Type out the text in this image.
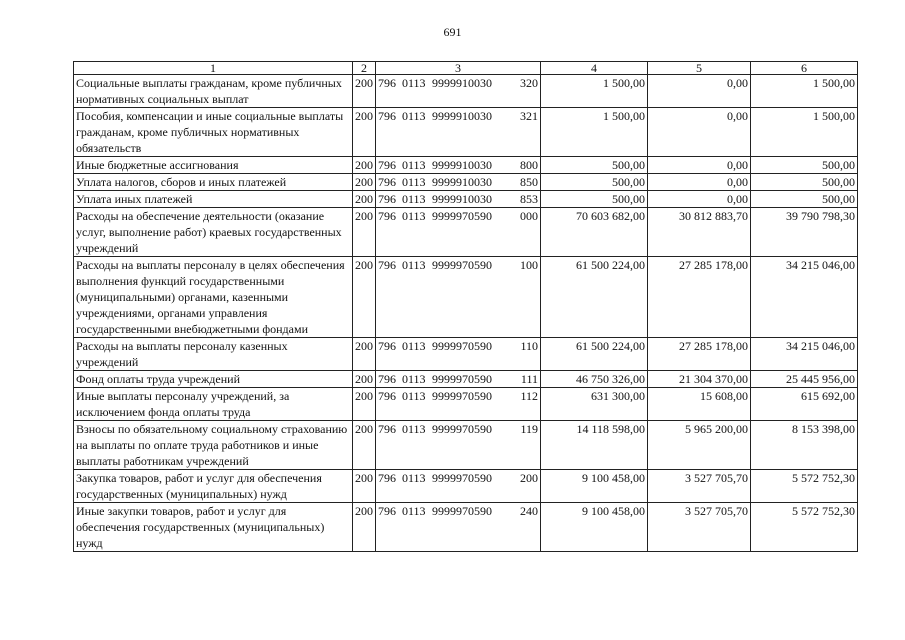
691
1	2	3	4	5	6
Социальные выплаты гражданам, кроме публичных нормативных социальных выплат	200	796 0113 9999910030 320	1 500,00	0,00	1 500,00
Пособия, компенсации и иные социальные выплаты гражданам, кроме публичных нормативных обязательств	200	796 0113 9999910030 321	1 500,00	0,00	1 500,00
Иные бюджетные ассигнования	200	796 0113 9999910030 800	500,00	0,00	500,00
Уплата налогов, сборов и иных платежей	200	796 0113 9999910030 850	500,00	0,00	500,00
Уплата иных платежей	200	796 0113 9999910030 853	500,00	0,00	500,00
Расходы на обеспечение деятельности (оказание услуг, выполнение работ) краевых государственных учреждений	200	796 0113 9999970590 000	70 603 682,00	30 812 883,70	39 790 798,30
Расходы на выплаты персоналу в целях обеспечения выполнения функций государственными (муниципальными) органами, казенными учреждениями, органами управления государственными внебюджетными фондами	200	796 0113 9999970590 100	61 500 224,00	27 285 178,00	34 215 046,00
Расходы на выплаты персоналу казенных учреждений	200	796 0113 9999970590 110	61 500 224,00	27 285 178,00	34 215 046,00
Фонд оплаты труда учреждений	200	796 0113 9999970590 111	46 750 326,00	21 304 370,00	25 445 956,00
Иные выплаты персоналу учреждений, за исключением фонда оплаты труда	200	796 0113 9999970590 112	631 300,00	15 608,00	615 692,00
Взносы по обязательному социальному страхованию на выплаты по оплате труда работников и иные выплаты работникам учреждений	200	796 0113 9999970590 119	14 118 598,00	5 965 200,00	8 153 398,00
Закупка товаров, работ и услуг для обеспечения государственных (муниципальных) нужд	200	796 0113 9999970590 200	9 100 458,00	3 527 705,70	5 572 752,30
Иные закупки товаров, работ и услуг для обеспечения государственных (муниципальных) нужд	200	796 0113 9999970590 240	9 100 458,00	3 527 705,70	5 572 752,30
